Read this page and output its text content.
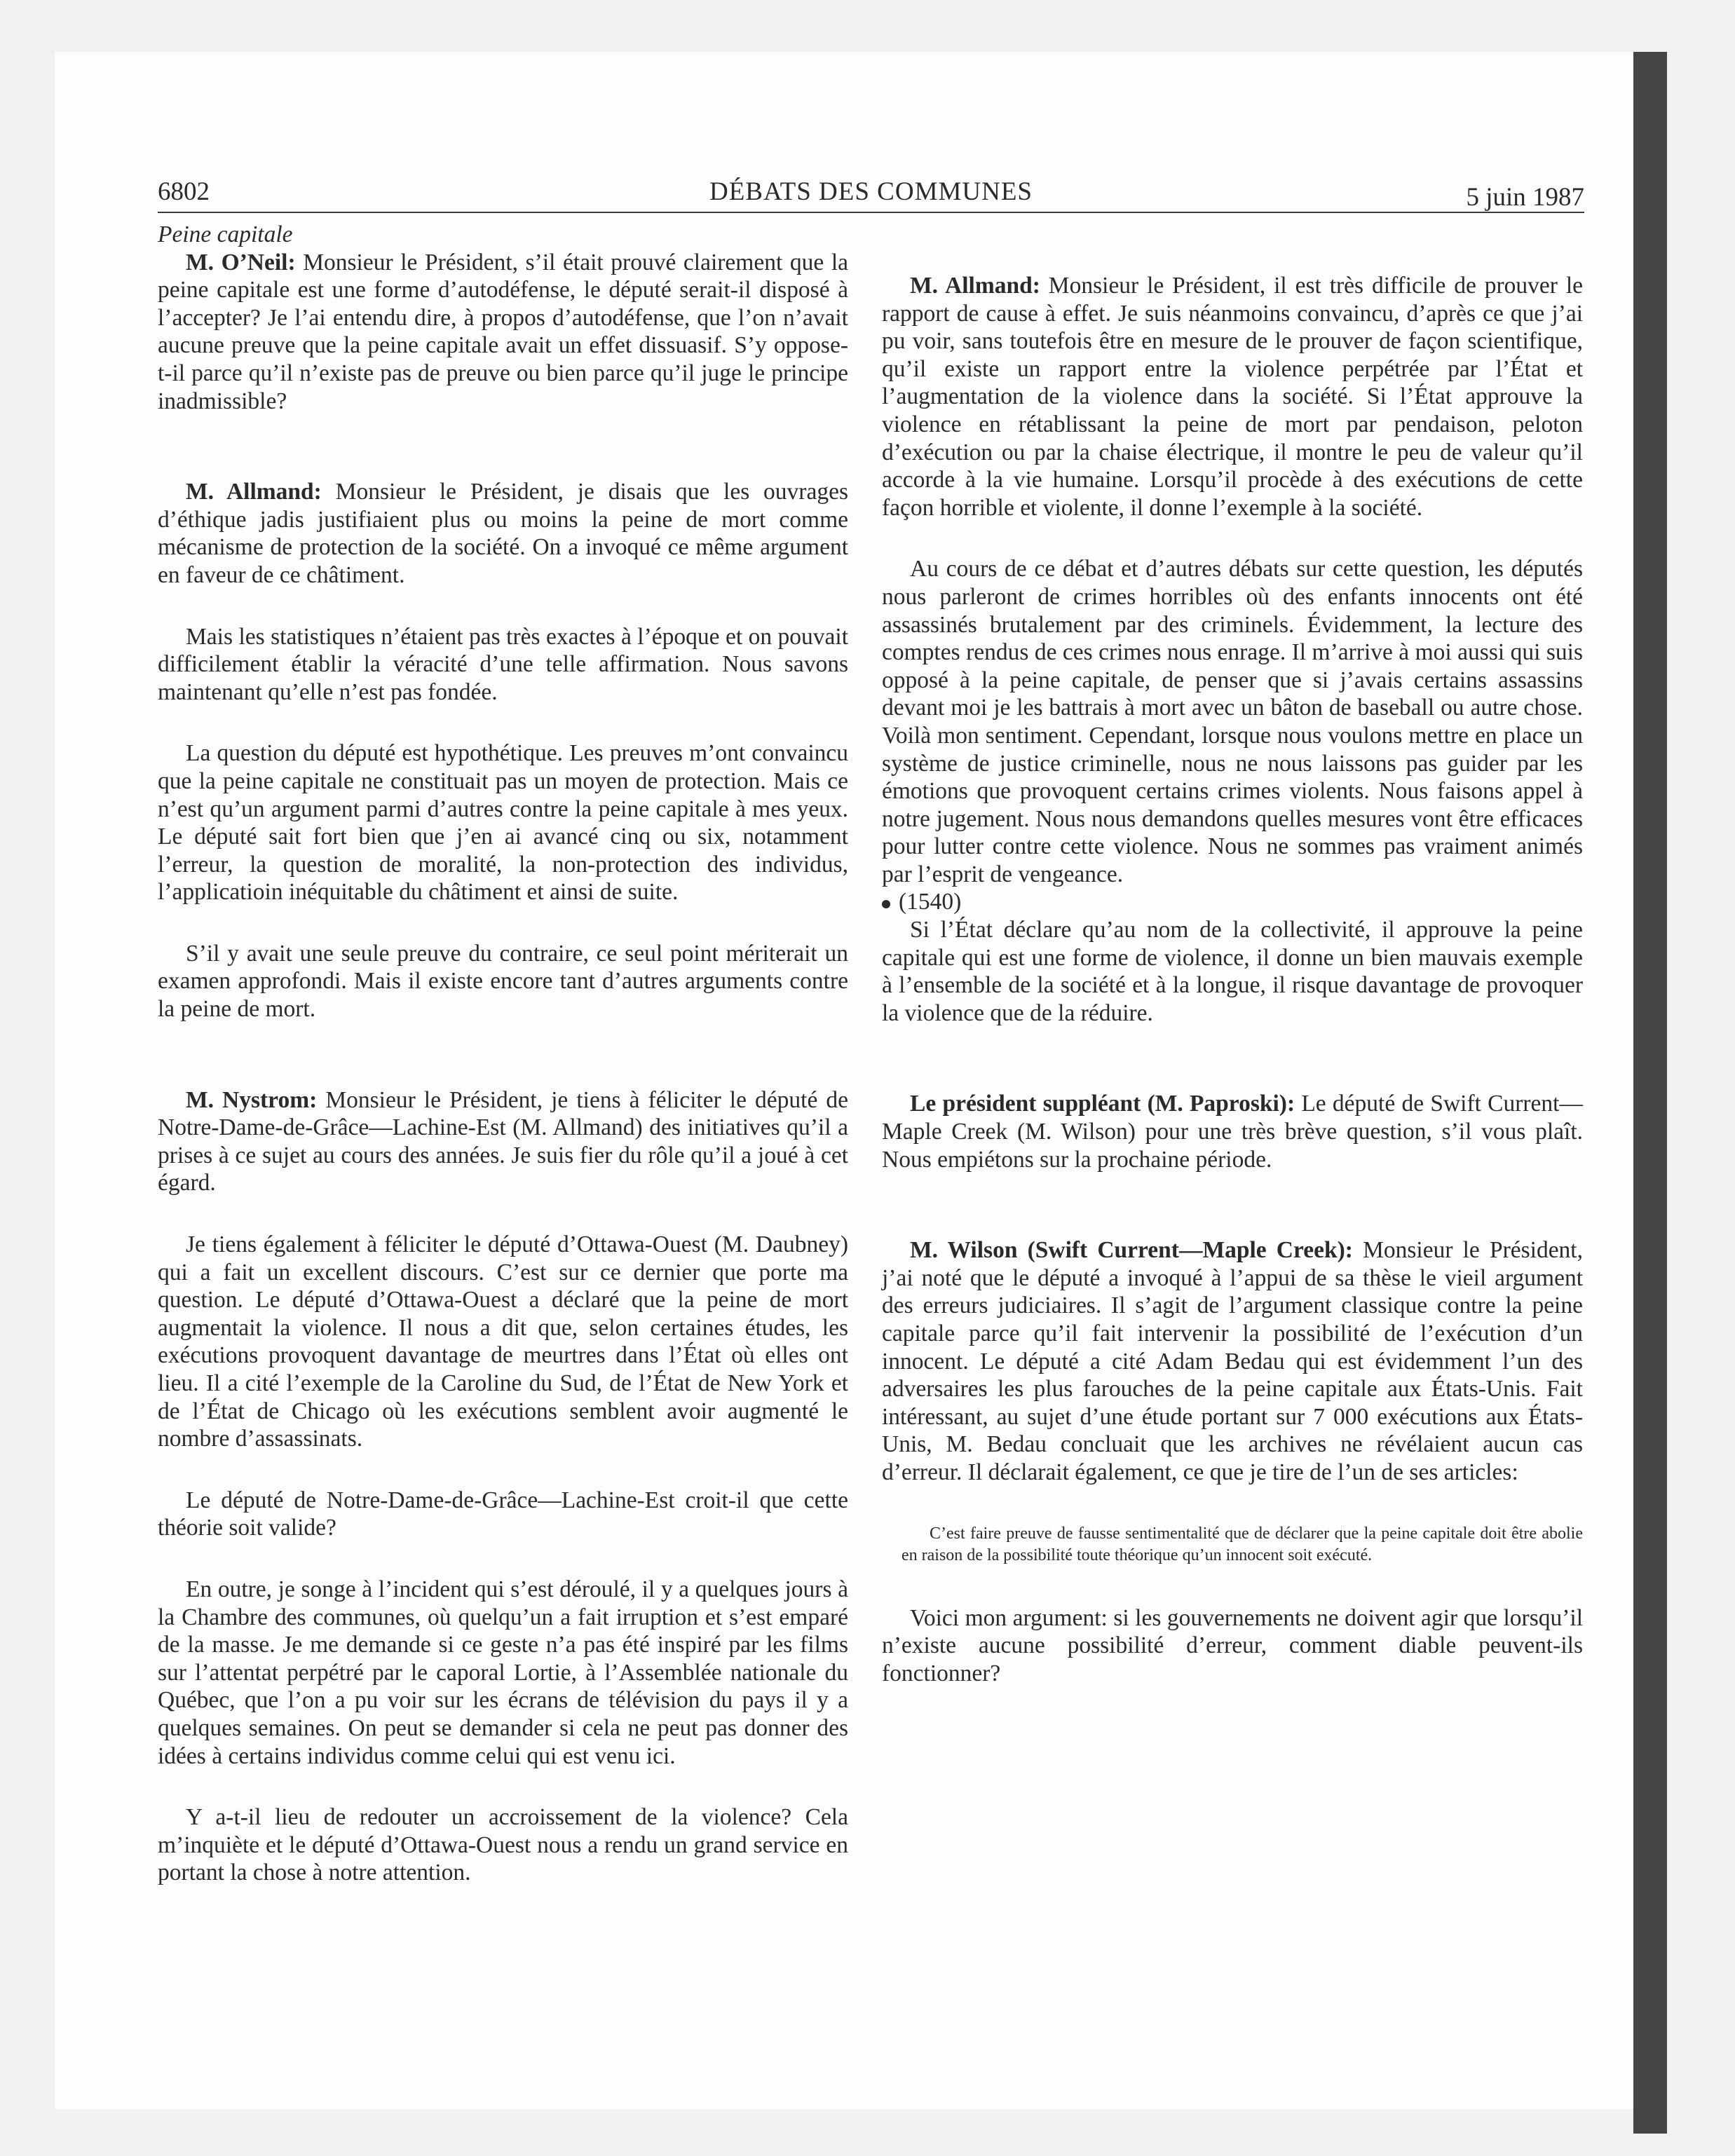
6802	DÉBATS DES COMMUNES	5 juin 1987

Peine capitale

M. O’Neil: Monsieur le Président, s’il était prouvé clairement que la peine capitale est une forme d’autodéfense, le député serait-il disposé à l’accepter? Je l’ai entendu dire, à propos d’autodéfense, que l’on n’avait aucune preuve que la peine capitale avait un effet dissuasif. S’y oppose-t-il parce qu’il n’existe pas de preuve ou bien parce qu’il juge le principe inadmissible?

M. Allmand: Monsieur le Président, je disais que les ouvrages d’éthique jadis justifiaient plus ou moins la peine de mort comme mécanisme de protection de la société. On a invoqué ce même argument en faveur de ce châtiment.

Mais les statistiques n’étaient pas très exactes à l’époque et on pouvait difficilement établir la véracité d’une telle affirmation. Nous savons maintenant qu’elle n’est pas fondée.

La question du député est hypothétique. Les preuves m’ont convaincu que la peine capitale ne constituait pas un moyen de protection. Mais ce n’est qu’un argument parmi d’autres contre la peine capitale à mes yeux. Le député sait fort bien que j’en ai avancé cinq ou six, notamment l’erreur, la question de moralité, la non-protection des individus, l’applicatioin inéquitable du châtiment et ainsi de suite.

S’il y avait une seule preuve du contraire, ce seul point mériterait un examen approfondi. Mais il existe encore tant d’autres arguments contre la peine de mort.

M. Nystrom: Monsieur le Président, je tiens à féliciter le député de Notre-Dame-de-Grâce—Lachine-Est (M. Allmand) des initiatives qu’il a prises à ce sujet au cours des années. Je suis fier du rôle qu’il a joué à cet égard.

Je tiens également à féliciter le député d’Ottawa-Ouest (M. Daubney) qui a fait un excellent discours. C’est sur ce dernier que porte ma question. Le député d’Ottawa-Ouest a déclaré que la peine de mort augmentait la violence. Il nous a dit que, selon certaines études, les exécutions provoquent davantage de meurtres dans l’État où elles ont lieu. Il a cité l’exemple de la Caroline du Sud, de l’État de New York et de l’État de Chicago où les exécutions semblent avoir augmenté le nombre d’assassinats.

Le député de Notre-Dame-de-Grâce—Lachine-Est croit-il que cette théorie soit valide?

En outre, je songe à l’incident qui s’est déroulé, il y a quelques jours à la Chambre des communes, où quelqu’un a fait irruption et s’est emparé de la masse. Je me demande si ce geste n’a pas été inspiré par les films sur l’attentat perpétré par le caporal Lortie, à l’Assemblée nationale du Québec, que l’on a pu voir sur les écrans de télévision du pays il y a quelques semaines. On peut se demander si cela ne peut pas donner des idées à certains individus comme celui qui est venu ici.

Y a-t-il lieu de redouter un accroissement de la violence? Cela m’inquiète et le député d’Ottawa-Ouest nous a rendu un grand service en portant la chose à notre attention.

M. Allmand: Monsieur le Président, il est très difficile de prouver le rapport de cause à effet. Je suis néanmoins convaincu, d’après ce que j’ai pu voir, sans toutefois être en mesure de le prouver de façon scientifique, qu’il existe un rapport entre la violence perpétrée par l’État et l’augmentation de la violence dans la société. Si l’État approuve la violence en rétablissant la peine de mort par pendaison, peloton d’exécution ou par la chaise électrique, il montre le peu de valeur qu’il accorde à la vie humaine. Lorsqu’il procède à des exécutions de cette façon horrible et violente, il donne l’exemple à la société.

Au cours de ce débat et d’autres débats sur cette question, les députés nous parleront de crimes horribles où des enfants innocents ont été assassinés brutalement par des criminels. Évidemment, la lecture des comptes rendus de ces crimes nous enrage. Il m’arrive à moi aussi qui suis opposé à la peine capitale, de penser que si j’avais certains assassins devant moi je les battrais à mort avec un bâton de baseball ou autre chose. Voilà mon sentiment. Cependant, lorsque nous voulons mettre en place un système de justice criminelle, nous ne nous laissons pas guider par les émotions que provoquent certains crimes violents. Nous faisons appel à notre jugement. Nous nous demandons quelles mesures vont être efficaces pour lutter contre cette violence. Nous ne sommes pas vraiment animés par l’esprit de vengeance.

(1540)

Si l’État déclare qu’au nom de la collectivité, il approuve la peine capitale qui est une forme de violence, il donne un bien mauvais exemple à l’ensemble de la société et à la longue, il risque davantage de provoquer la violence que de la réduire.

Le président suppléant (M. Paproski): Le député de Swift Current—Maple Creek (M. Wilson) pour une très brève question, s’il vous plaît. Nous empiétons sur la prochaine période.

M. Wilson (Swift Current—Maple Creek): Monsieur le Président, j’ai noté que le député a invoqué à l’appui de sa thèse le vieil argument des erreurs judiciaires. Il s’agit de l’argument classique contre la peine capitale parce qu’il fait intervenir la possibilité de l’exécution d’un innocent. Le député a cité Adam Bedau qui est évidemment l’un des adversaires les plus farouches de la peine capitale aux États-Unis. Fait intéressant, au sujet d’une étude portant sur 7 000 exécutions aux États-Unis, M. Bedau concluait que les archives ne révélaient aucun cas d’erreur. Il déclarait également, ce que je tire de l’un de ses articles:

C’est faire preuve de fausse sentimentalité que de déclarer que la peine capitale doit être abolie en raison de la possibilité toute théorique qu’un innocent soit exécuté.

Voici mon argument: si les gouvernements ne doivent agir que lorsqu’il n’existe aucune possibilité d’erreur, comment diable peuvent-ils fonctionner?
